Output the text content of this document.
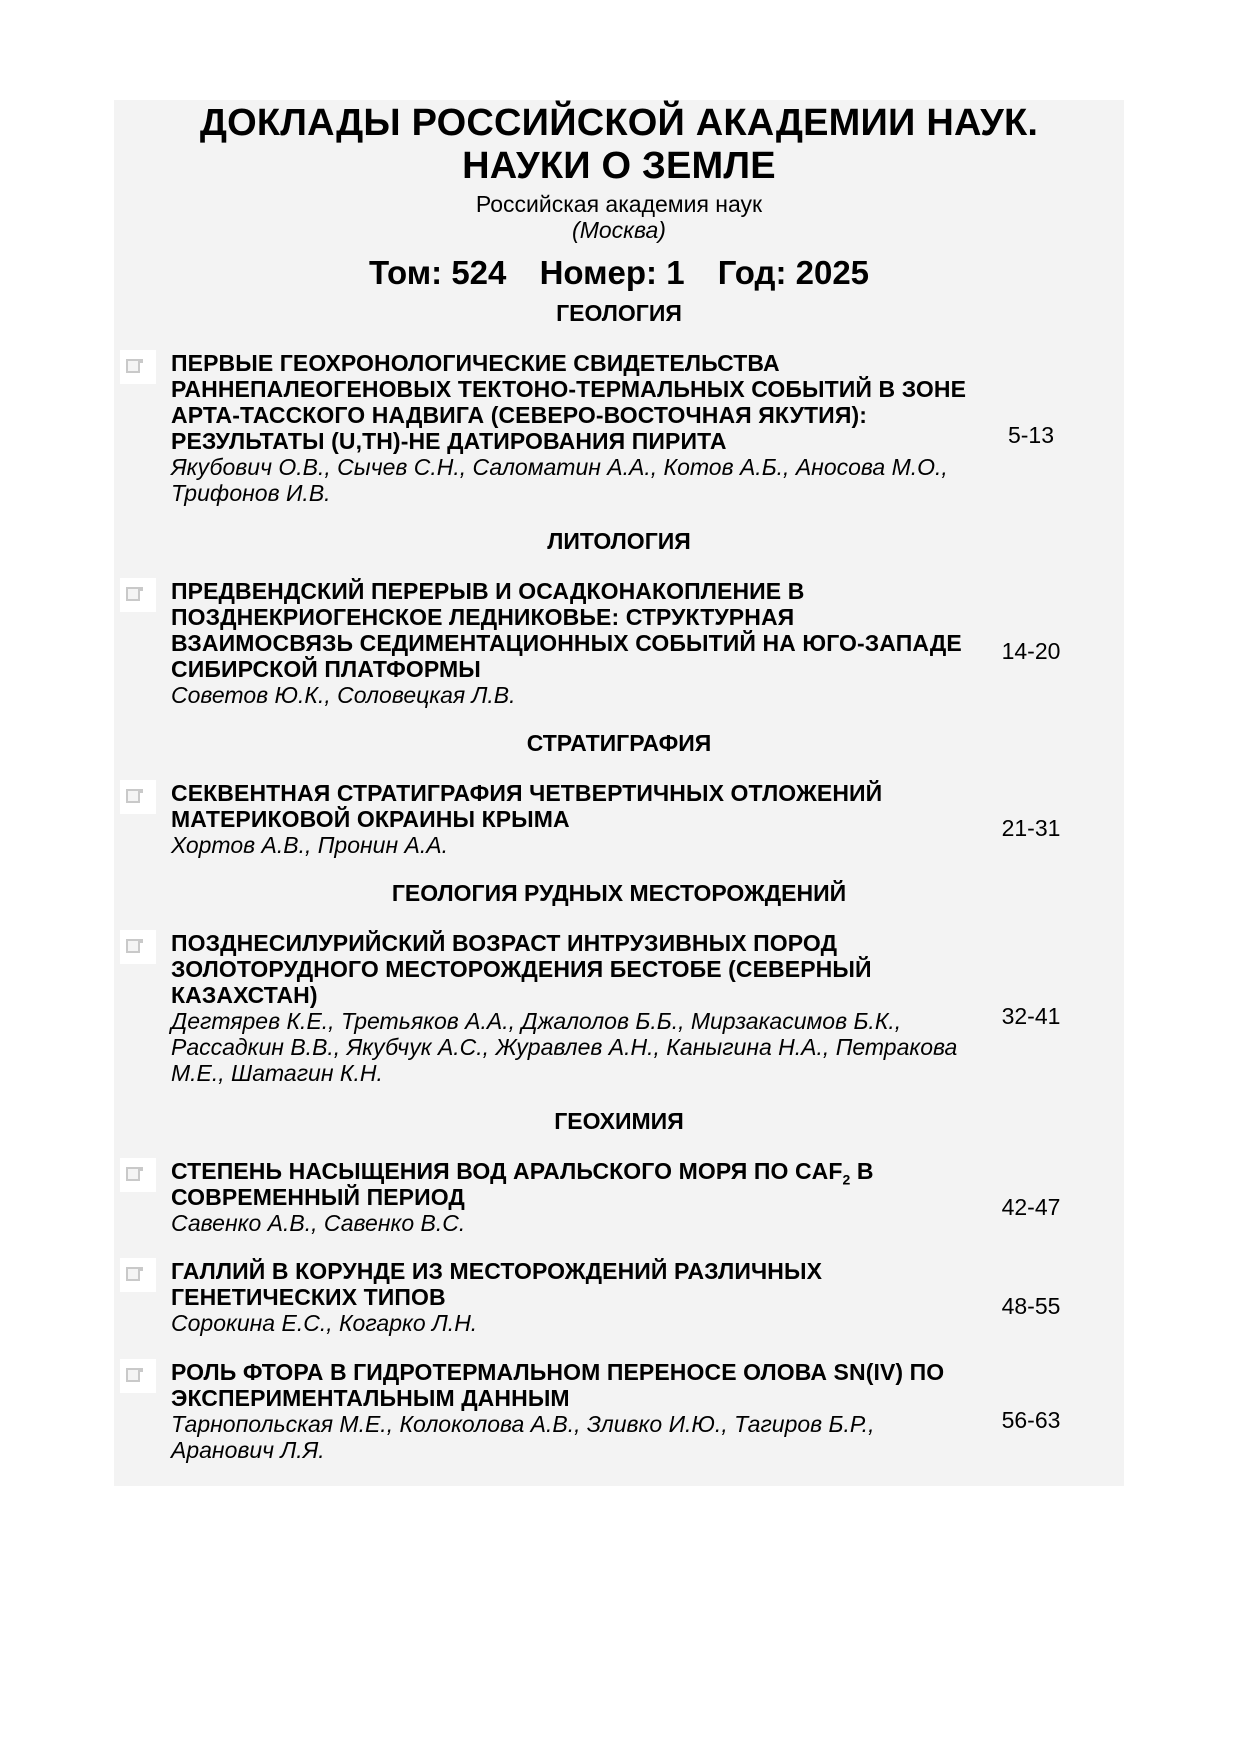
ДОКЛАДЫ РОССИЙСКОЙ АКАДЕМИИ НАУК.
НАУКИ О ЗЕМЛЕ
Российская академия наук
(Москва)
Том: 524 Номер: 1 Год: 2025
ГЕОЛОГИЯ
ПЕРВЫЕ ГЕОХРОНОЛОГИЧЕСКИЕ СВИДЕТЕЛЬСТВА РАННЕПАЛЕОГЕНОВЫХ ТЕКТОНО-ТЕРМАЛЬНЫХ СОБЫТИЙ В ЗОНЕ АРТА-ТАССКОГО НАДВИГА (СЕВЕРО-ВОСТОЧНАЯ ЯКУТИЯ): РЕЗУЛЬТАТЫ (U,TH)-НЕ ДАТИРОВАНИЯ ПИРИТА
Якубович О.В., Сычев С.Н., Саломатин А.А., Котов А.Б., Аносова М.О., Трифонов И.В.
5-13
ЛИТОЛОГИЯ
ПРЕДВЕНДСКИЙ ПЕРЕРЫВ И ОСАДКОНАКОПЛЕНИЕ В ПОЗДНЕКРИОГЕНСКОЕ ЛЕДНИКОВЬЕ: СТРУКТУРНАЯ ВЗАИМОСВЯЗЬ СЕДИМЕНТАЦИОННЫХ СОБЫТИЙ НА ЮГО-ЗАПАДЕ СИБИРСКОЙ ПЛАТФОРМЫ
Советов Ю.К., Соловецкая Л.В.
14-20
СТРАТИГРАФИЯ
СЕКВЕНТНАЯ СТРАТИГРАФИЯ ЧЕТВЕРТИЧНЫХ ОТЛОЖЕНИЙ МАТЕРИКОВОЙ ОКРАИНЫ КРЫМА
Хортов А.В., Пронин А.А.
21-31
ГЕОЛОГИЯ РУДНЫХ МЕСТОРОЖДЕНИЙ
ПОЗДНЕСИЛУРИЙСКИЙ ВОЗРАСТ ИНТРУЗИВНЫХ ПОРОД ЗОЛОТОРУДНОГО МЕСТОРОЖДЕНИЯ БЕСТОБЕ (СЕВЕРНЫЙ КАЗАХСТАН)
Дегтярев К.Е., Третьяков А.А., Джалолов Б.Б., Мирзакасимов Б.К., Рассадкин В.В., Якубчук А.С., Журавлев А.Н., Каныгина Н.А., Петракова М.Е., Шатагин К.Н.
32-41
ГЕОХИМИЯ
СТЕПЕНЬ НАСЫЩЕНИЯ ВОД АРАЛЬСКОГО МОРЯ ПО $CAF_2$ В СОВРЕМЕННЫЙ ПЕРИОД
Савенко А.В., Савенко В.С.
42-47
ГАЛЛИЙ В КОРУНДЕ ИЗ МЕСТОРОЖДЕНИЙ РАЗЛИЧНЫХ ГЕНЕТИЧЕСКИХ ТИПОВ
Сорокина Е.С., Когарко Л.Н.
48-55
РОЛЬ ФТОРА В ГИДРОТЕРМАЛЬНОМ ПЕРЕНОСЕ ОЛОВА SN(IV) ПО ЭКСПЕРИМЕНТАЛЬНЫМ ДАННЫМ
Тарнопольская М.Е., Колоколова А.В., Зливко И.Ю., Тагиров Б.Р., Аранович Л.Я.
56-63
